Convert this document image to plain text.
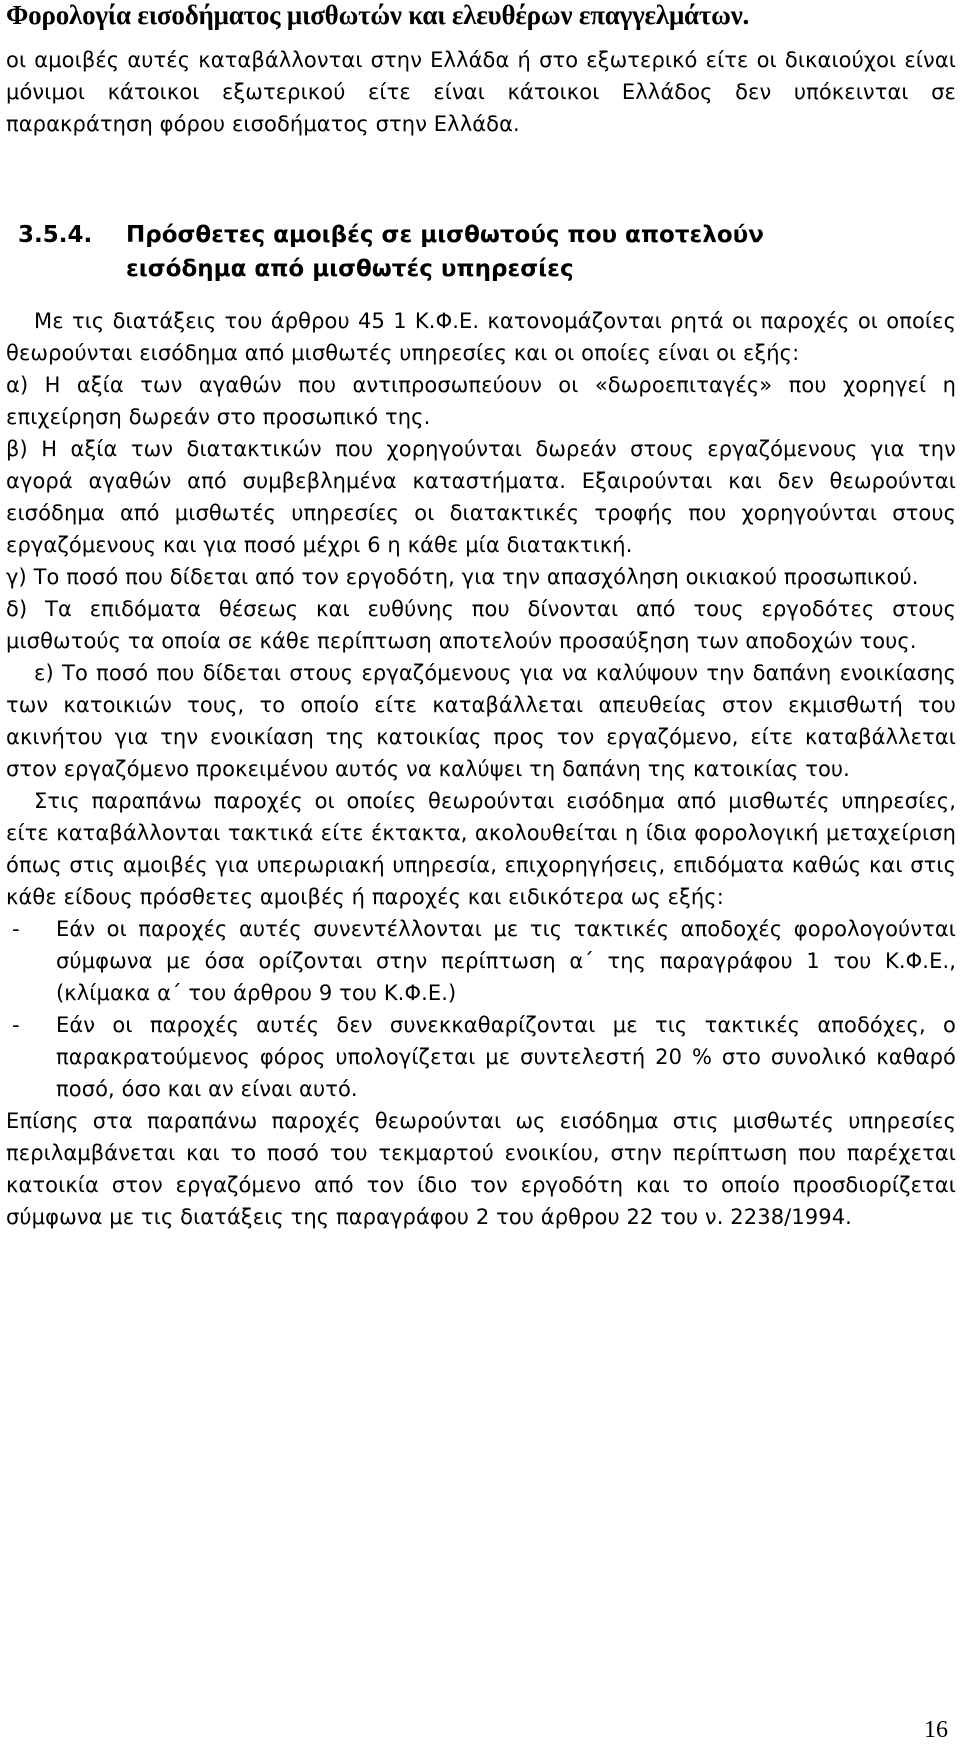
Φορολογία εισοδήματος μισθωτών και ελευθέρων επαγγελμάτων.

οι αμοιβές αυτές καταβάλλονται στην Ελλάδα ή στο εξωτερικό είτε οι δικαιούχοι είναι μόνιμοι κάτοικοι εξωτερικού είτε είναι κάτοικοι Ελλάδος δεν υπόκεινται σε παρακράτηση φόρου εισοδήματος στην Ελλάδα.

3.5.4. Πρόσθετες αμοιβές σε μισθωτούς που αποτελούν
εισόδημα από μισθωτές υπηρεσίες

Με τις διατάξεις του άρθρου 45 1 Κ.Φ.Ε. κατονομάζονται ρητά οι παροχές οι οποίες θεωρούνται εισόδημα από μισθωτές υπηρεσίες και οι οποίες είναι οι εξής:

α) Η αξία των αγαθών που αντιπροσωπεύουν οι «δωροεπιταγές» που χορηγεί η επιχείρηση δωρεάν στο προσωπικό της.

β) Η αξία των διατακτικών που χορηγούνται δωρεάν στους εργαζόμενους για την αγορά αγαθών από συμβεβλημένα καταστήματα. Εξαιρούνται και δεν θεωρούνται εισόδημα από μισθωτές υπηρεσίες οι διατακτικές τροφής που χορηγούνται στους εργαζόμενους και για ποσό μέχρι 6 η κάθε μία διατακτική.

γ) Το ποσό που δίδεται από τον εργοδότη, για την απασχόληση οικιακού προσωπικού.

δ) Τα επιδόματα θέσεως και ευθύνης που δίνονται από τους εργοδότες στους μισθωτούς τα οποία σε κάθε περίπτωση αποτελούν προσαύξηση των αποδοχών τους.

ε) Το ποσό που δίδεται στους εργαζόμενους για να καλύψουν την δαπάνη ενοικίασης των κατοικιών τους, το οποίο είτε καταβάλλεται απευθείας στον εκμισθωτή του ακινήτου για την ενοικίαση της κατοικίας προς τον εργαζόμενο, είτε καταβάλλεται στον εργαζόμενο προκειμένου αυτός να καλύψει τη δαπάνη της κατοικίας του.

Στις παραπάνω παροχές οι οποίες θεωρούνται εισόδημα από μισθωτές υπηρεσίες, είτε καταβάλλονται τακτικά είτε έκτακτα, ακολουθείται η ίδια φορολογική μεταχείριση όπως στις αμοιβές για υπερωριακή υπηρεσία, επιχορηγήσεις, επιδόματα καθώς και στις κάθε είδους πρόσθετες αμοιβές ή παροχές και ειδικότερα ως εξής:

-	Εάν οι παροχές αυτές συνεντέλλονται με τις τακτικές αποδοχές φορολογούνται σύμφωνα με όσα ορίζονται στην περίπτωση α΄ της παραγράφου 1 του Κ.Φ.Ε., (κλίμακα α΄ του άρθρου 9 του Κ.Φ.Ε.)
-	Εάν οι παροχές αυτές δεν συνεκκαθαρίζονται με τις τακτικές αποδόχες, ο παρακρατούμενος φόρος υπολογίζεται με συντελεστή 20 % στο συνολικό καθαρό ποσό, όσο και αν είναι αυτό.

Επίσης στα παραπάνω παροχές θεωρούνται ως εισόδημα στις μισθωτές υπηρεσίες περιλαμβάνεται και το ποσό του τεκμαρτού ενοικίου, στην περίπτωση που παρέχεται κατοικία στον εργαζόμενο από τον ίδιο τον εργοδότη και το οποίο προσδιορίζεται σύμφωνα με τις διατάξεις της παραγράφου 2 του άρθρου 22 του ν. 2238/1994.

16
